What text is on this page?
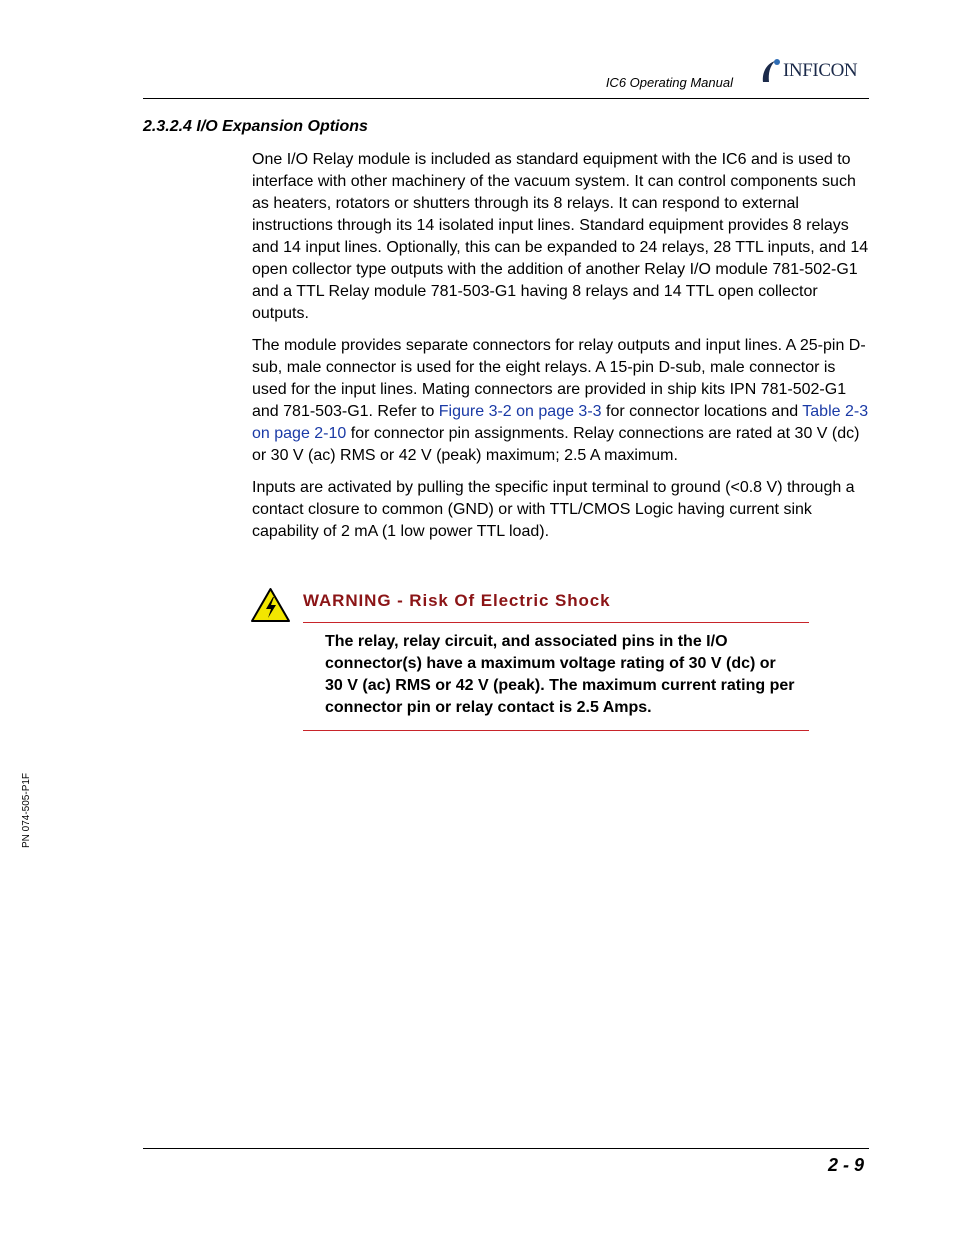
IC6 Operating Manual
INFICON
2.3.2.4 I/O Expansion Options

One I/O Relay module is included as standard equipment with the IC6 and is used to interface with other machinery of the vacuum system. It can control components such as heaters, rotators or shutters through its 8 relays. It can respond to external instructions through its 14 isolated input lines. Standard equipment provides 8 relays and 14 input lines. Optionally, this can be expanded to 24 relays, 28 TTL inputs, and 14 open collector type outputs with the addition of another Relay I/O module 781-502-G1 and a TTL Relay module 781-503-G1 having 8 relays and 14 TTL open collector outputs.

The module provides separate connectors for relay outputs and input lines. A 25-pin D-sub, male connector is used for the eight relays. A 15-pin D-sub, male connector is used for the input lines. Mating connectors are provided in ship kits IPN 781-502-G1 and 781-503-G1. Refer to Figure 3-2 on page 3-3 for connector locations and Table 2-3 on page 2-10 for connector pin assignments. Relay connections are rated at 30 V (dc) or 30 V (ac) RMS or 42 V (peak) maximum; 2.5 A maximum.

Inputs are activated by pulling the specific input terminal to ground (<0.8 V) through a contact closure to common (GND) or with TTL/CMOS Logic having current sink capability of 2 mA (1 low power TTL load).

WARNING - Risk Of Electric Shock
The relay, relay circuit, and associated pins in the I/O connector(s) have a maximum voltage rating of 30 V (dc) or 30 V (ac) RMS or 42 V (peak). The maximum current rating per connector pin or relay contact is 2.5 Amps.
PN 074-505-P1F
2 - 9
